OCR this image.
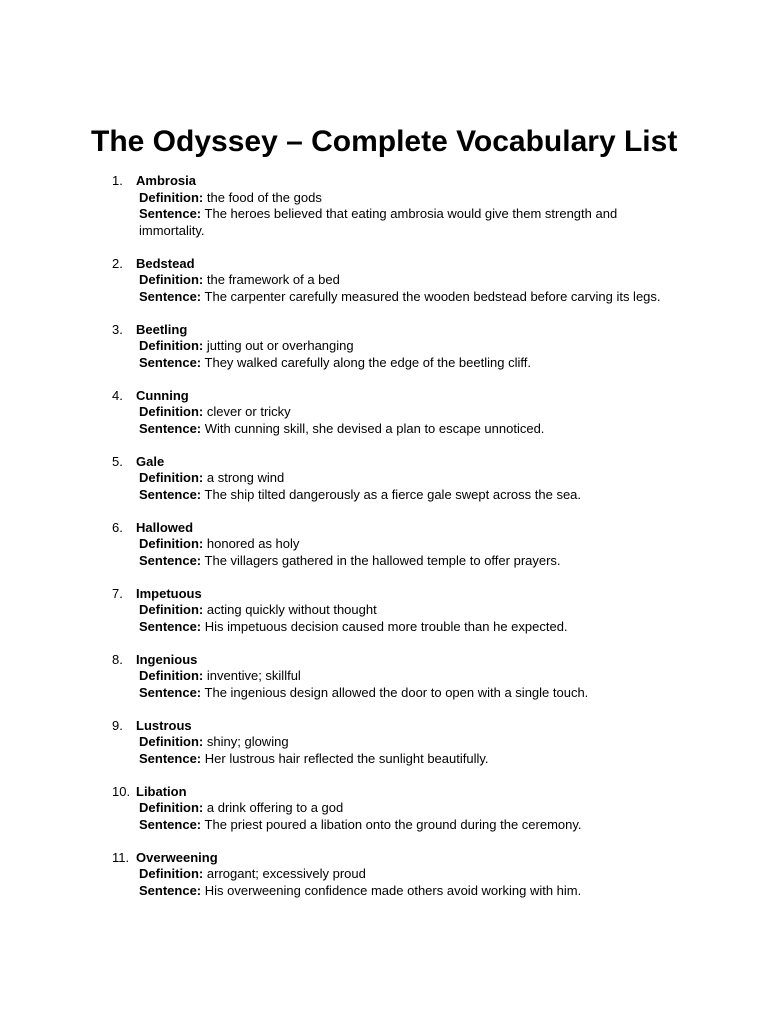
The Odyssey – Complete Vocabulary List
1. Ambrosia
Definition: the food of the gods
Sentence: The heroes believed that eating ambrosia would give them strength and immortality.
2. Bedstead
Definition: the framework of a bed
Sentence: The carpenter carefully measured the wooden bedstead before carving its legs.
3. Beetling
Definition: jutting out or overhanging
Sentence: They walked carefully along the edge of the beetling cliff.
4. Cunning
Definition: clever or tricky
Sentence: With cunning skill, she devised a plan to escape unnoticed.
5. Gale
Definition: a strong wind
Sentence: The ship tilted dangerously as a fierce gale swept across the sea.
6. Hallowed
Definition: honored as holy
Sentence: The villagers gathered in the hallowed temple to offer prayers.
7. Impetuous
Definition: acting quickly without thought
Sentence: His impetuous decision caused more trouble than he expected.
8. Ingenious
Definition: inventive; skillful
Sentence: The ingenious design allowed the door to open with a single touch.
9. Lustrous
Definition: shiny; glowing
Sentence: Her lustrous hair reflected the sunlight beautifully.
10. Libation
Definition: a drink offering to a god
Sentence: The priest poured a libation onto the ground during the ceremony.
11. Overweening
Definition: arrogant; excessively proud
Sentence: His overweening confidence made others avoid working with him.
